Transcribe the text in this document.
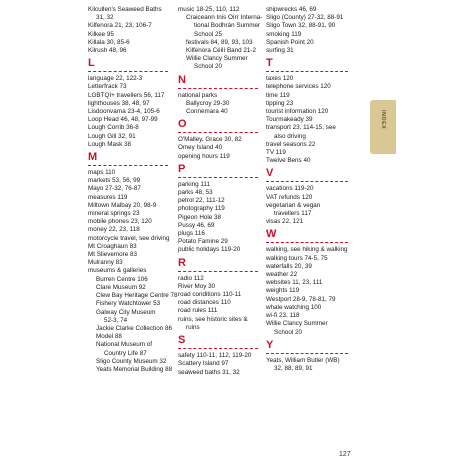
Kilcullen's Seaweed Baths
31, 32
Kilfenora 21, 23, 106-7
Kilkee 95
Killala 30, 85-6
Kilrush 48, 96
L
language 22, 122-3
Letterfrack 73
LGBTQI+ travellers 56, 117
lighthouses 38, 48, 97
Lisdoonvarna 23-4, 105-6
Loop Head 46, 48, 97-99
Lough Corrib 36-8
Lough Gill 32, 91
Lough Mask 38
M
maps 110
markets 53, 56, 99
Mayo 27-32, 76-87
measures 119
Miltown Malbay 20, 98-9
mineral springs 23
mobile phones 23, 120
money 22, 23, 118
motorcycle travel, see driving
Mt Croaghaun 83
Mt Slievemore 83
Mulranny 83
museums & galleries
Burren Centre 106
Clare Museum 92
Clew Bay Heritage Centre 78
Fishery Watchtower 53
Galway City Museum
52-3, 74
Jackie Clarke Collection 86
Model 88
National Museum of
Country Life 87
Sligo County Museum 32
Yeats Memorial Building 88
music 18-25, 110, 112
Craiceann Inis Oírr Interna-
tional Bodhrán Summer
School 25
festivals 84, 89, 93, 103
Kilfenora Céilí Band 21-2
Willie Clancy Summer
School 20
N
national parks
Ballycroy 29-30
Connemara 40
O
O'Malley, Grace 30, 82
Omey Island 40
opening hours 119
P
parking 111
parks 48, 53
petrol 22, 111-12
photography 119
Pigeon Hole 38
Pussy 46, 69
plugs 116
Potato Famine 29
public holidays 119-20
R
radio 112
River Moy 30
road conditions 110-11
road distances 110
road rules 111
ruins, see historic sites &
ruins
S
safety 110-11, 112, 119-20
Scattery Island 97
seaweed baths 31, 32
shipwrecks 46, 69
Sligo (County) 27-32, 88-91
Sligo Town 32, 88-91, 90
smoking 119
Spanish Point 20
surfing 31
T
taxes 120
telephone services 120
time 119
tipping 23
tourist information 120
Tourmakeady 39
transport 23, 114-15, see
also driving
travel seasons 22
TV 119
Twelve Bens 40
V
vacations 119-20
VAT refunds 120
vegetarian & vegan
travellers 117
visas 22, 121
W
walking, see hiking & walking
walking tours 74-5, 75
waterfalls 20, 39
weather 22
websites 11, 23, 111
weights 119
Westport 28-9, 78-81, 79
whale watching 100
wi-fi 23, 118
Willie Clancy Summer
School 20
Y
Yeats, William Butler (WB)
32, 88, 89, 91
INDEX
127
